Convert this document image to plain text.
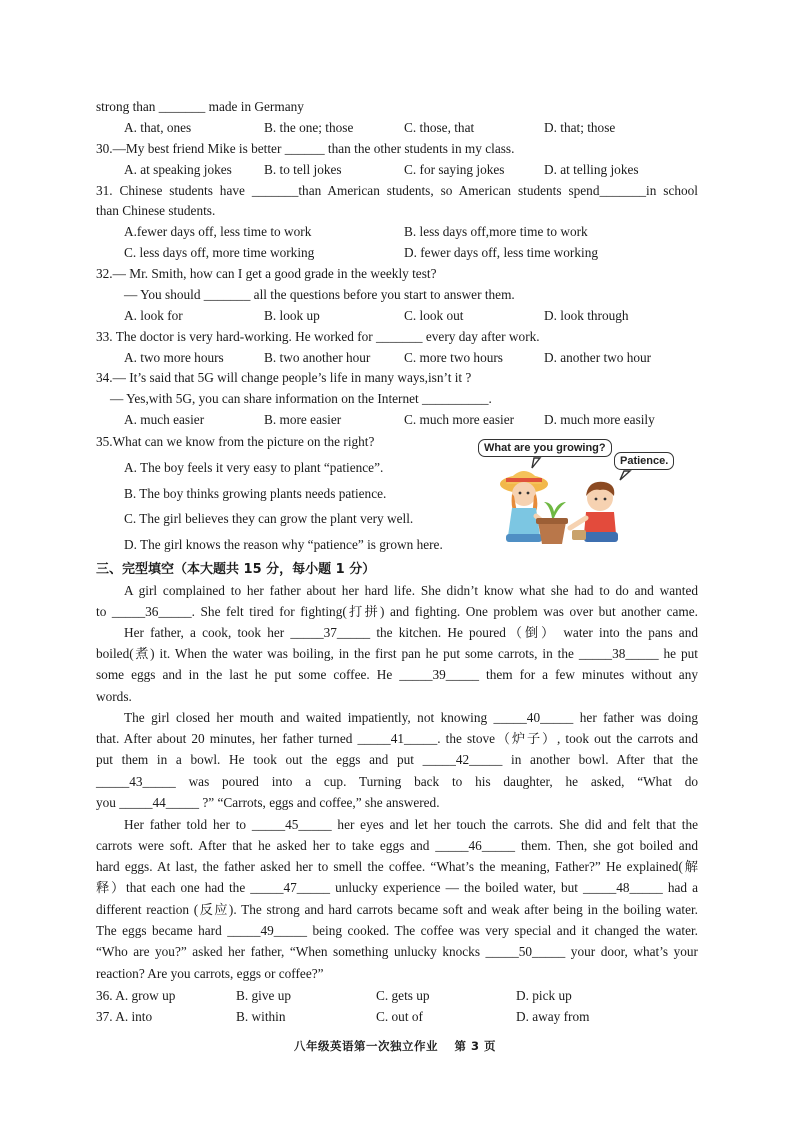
strong than _______ made in Germany
A. that, ones	B. the one; those	C. those, that	D. that; those
30.—My best friend Mike is better ______ than the other students in my class.
A. at speaking jokes B. to tell jokes	C. for saying jokes	D. at telling jokes
31. Chinese students have _______than American students, so American students spend_______in school
than Chinese students.
A.fewer days off, less time to work	B. less days off,more time to work
C. less days off, more time working	D. fewer days off, less time working
32.— Mr. Smith, how can I get a good grade in the weekly test?
— You should _______ all the questions before you start to answer them.
A. look for	B. look up	C. look out	D. look through
33. The doctor is very hard-working. He worked for _______ every day after work.
A. two more hours	B. two another hour	C. more two hours	D. another two hour
34.— It’s said that 5G will change people’s life in many ways,isn’t it ?
— Yes,with 5G, you can share information on the Internet __________.
A. much easier	B. more easier	C. much more easier D. much more easily
35.What can we know from the picture on the right?
A. The boy feels it very easy to plant “patience”.
B. The boy thinks growing plants needs patience.
C. The girl believes they can grow the plant very well.
D. The girl knows the reason why “patience” is grown here.
What are you growing?
Patience.
三、完型填空（本大题共 15 分，每小题 1 分）
A girl complained to her father about her hard life. She didn’t know what she had to do and wanted
to _____36_____. She felt tired for fighting(打拼) and fighting. One problem was over but another came.
Her father, a cook, took her _____37_____ the kitchen. He poured（倒） water into the pans and
boiled(煮) it. When the water was boiling, in the first pan he put some carrots, in the _____38_____ he put
some eggs and in the last he put some coffee. He _____39_____ them for a few minutes without any
words.
The girl closed her mouth and waited impatiently, not knowing _____40_____ her father was doing
that. After about 20 minutes, her father turned _____41_____. the stove（炉子）, took out the carrots and
put them in a bowl. He took out the eggs and put _____42_____ in another bowl. After that the
_____43_____ was poured into a cup. Turning back to his daughter, he asked, “What do
you _____44_____ ?” “Carrots, eggs and coffee,” she answered.
Her father told her to _____45_____ her eyes and let her touch the carrots. She did and felt that the
carrots were soft. After that he asked her to take eggs and _____46_____ them. Then, she got boiled and
hard eggs. At last, the father asked her to smell the coffee. “What’s the meaning, Father?” He explained(解
释）that each one had the _____47_____ unlucky experience — the boiled water, but _____48_____ had a
different reaction (反应). The strong and hard carrots became soft and weak after being in the boiling water.
The eggs became hard _____49_____ being cooked. The coffee was very special and it changed the water.
“Who are you?” asked her father, “When something unlucky knocks _____50_____ your door, what’s your
reaction? Are you carrots, eggs or coffee?”
36. A. grow up	B. give up	C. gets up	D. pick up
37. A. into	B. within	C. out of	D. away from
八年级英语第一次独立作业　 第 3 页
